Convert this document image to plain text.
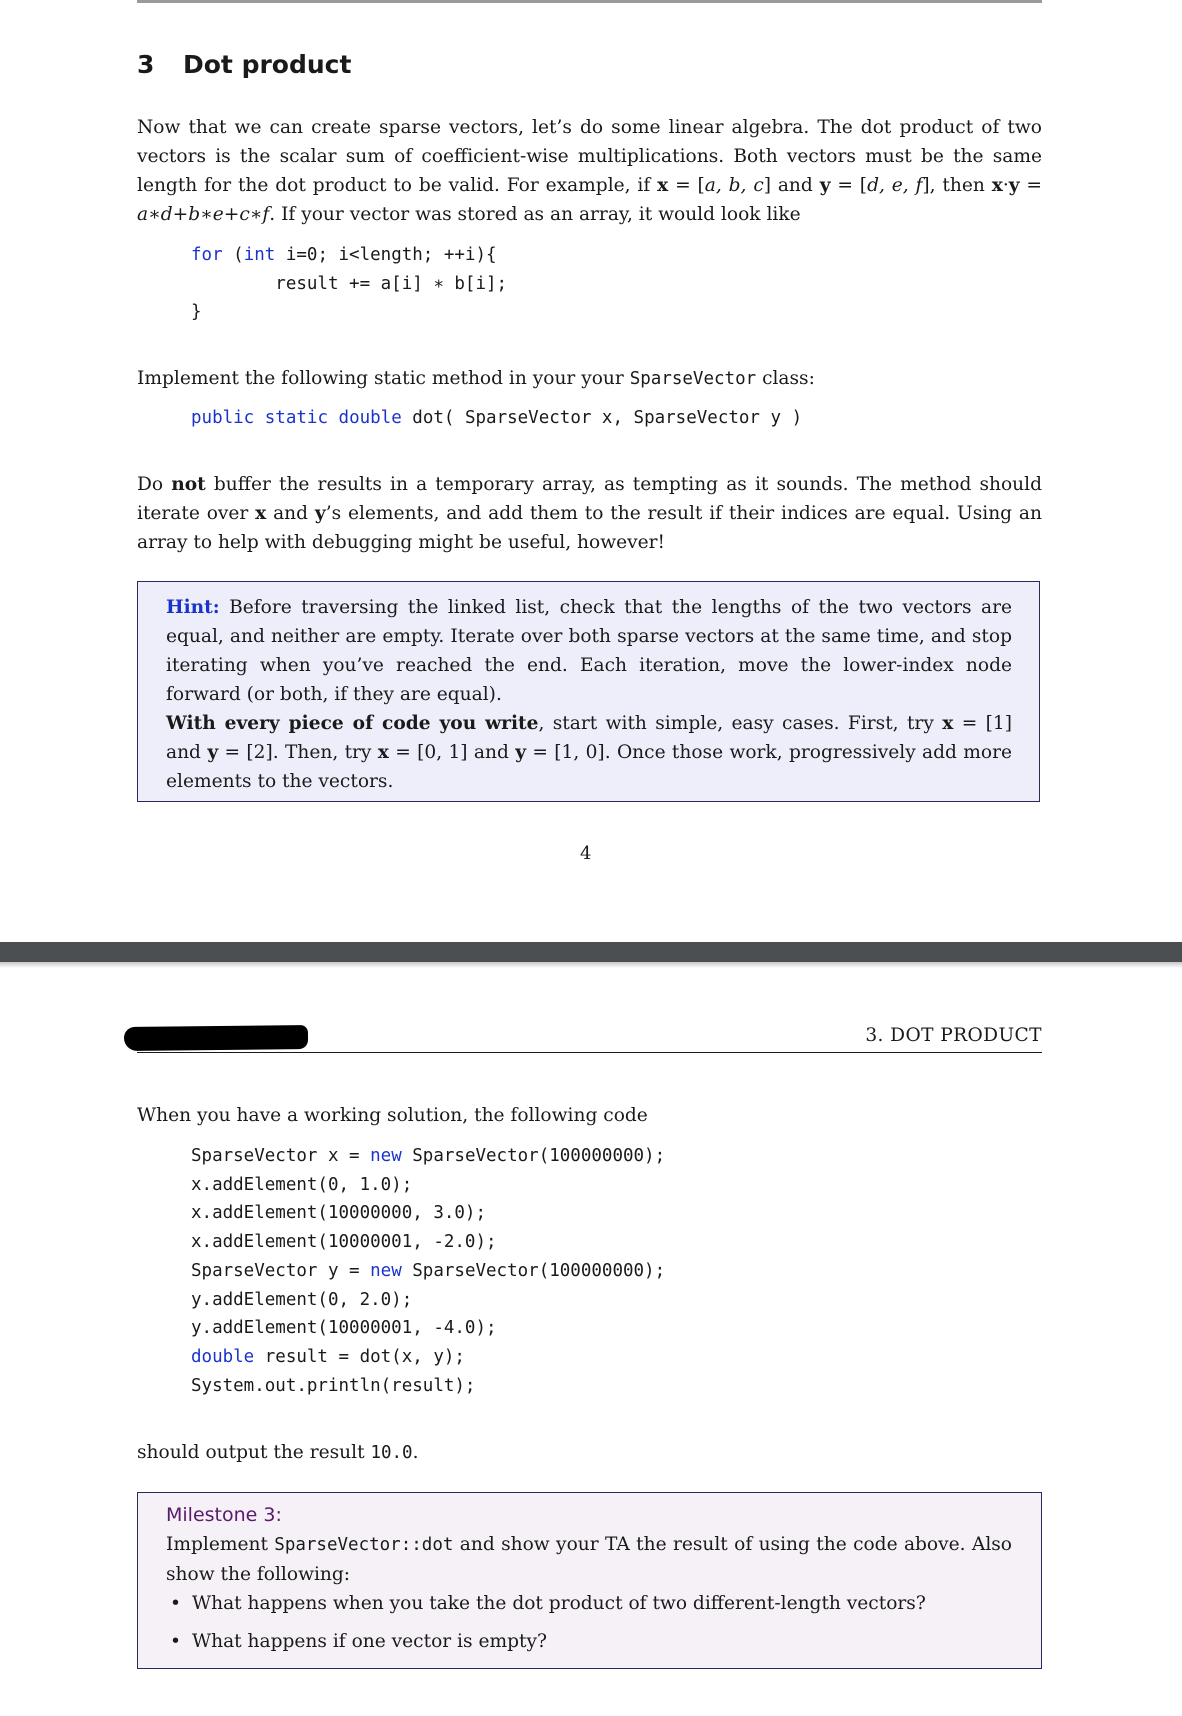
3 Dot product

Now that we can create sparse vectors, let’s do some linear algebra. The dot product of two vectors is the scalar sum of coefficient-wise multiplications. Both vectors must be the same length for the dot product to be valid. For example, if x = [a, b, c] and y = [d, e, f], then x·y = a∗d+b∗e+c∗f. If your vector was stored as an array, it would look like

for (int i=0; i<length; ++i){
result += a[i] ∗ b[i];
}

Implement the following static method in your your SparseVector class:

public static double dot( SparseVector x, SparseVector y )

Do not buffer the results in a temporary array, as tempting as it sounds. The method should iterate over x and y’s elements, and add them to the result if their indices are equal. Using an array to help with debugging might be useful, however!

Hint: Before traversing the linked list, check that the lengths of the two vectors are equal, and neither are empty. Iterate over both sparse vectors at the same time, and stop iterating when you’ve reached the end. Each iteration, move the lower-index node forward (or both, if they are equal).

With every piece of code you write, start with simple, easy cases. First, try x = [1] and y = [2]. Then, try x = [0, 1] and y = [1, 0]. Once those work, progressively add more elements to the vectors.

4

3. DOT PRODUCT

When you have a working solution, the following code

SparseVector x = new SparseVector(100000000);
x.addElement(0, 1.0);
x.addElement(10000000, 3.0);
x.addElement(10000001, -2.0);
SparseVector y = new SparseVector(100000000);
y.addElement(0, 2.0);
y.addElement(10000001, -4.0);
double result = dot(x, y);
System.out.println(result);

should output the result 10.0.

Milestone 3:

Implement SparseVector::dot and show your TA the result of using the code above. Also show the following:

• What happens when you take the dot product of two different-length vectors?
• What happens if one vector is empty?
